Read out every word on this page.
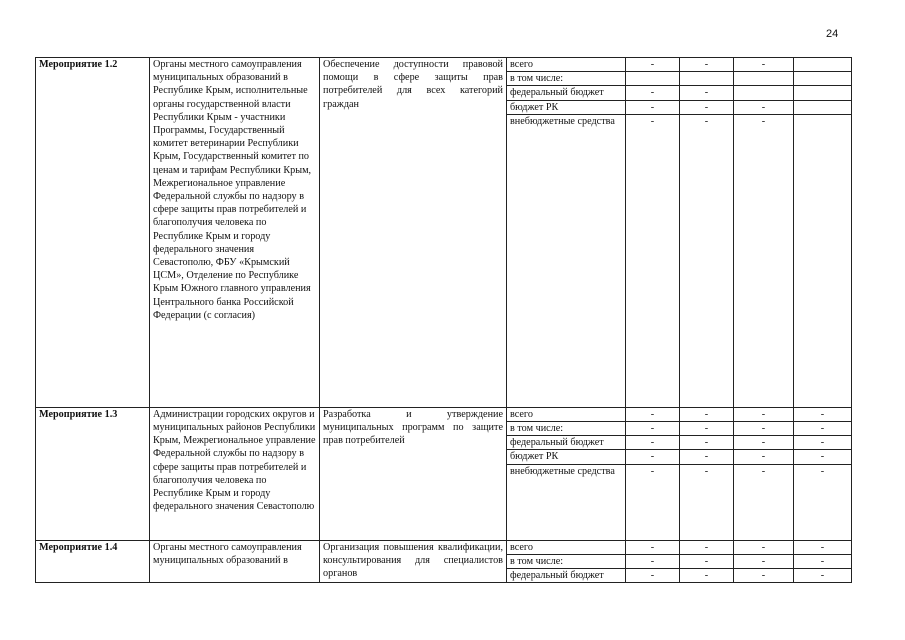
24
Мероприятие 1.2	Органы местного самоуправления муниципальных образований в Республике Крым, исполнительные органы государственной власти Республики Крым - участники Программы, Государственный комитет ветеринарии Республики Крым, Государственный комитет по ценам и тарифам Республики Крым, Межрегиональное управление Федеральной службы по надзору в сфере защиты прав потребителей и благополучия человека по Республике Крым и городу федерального значения Севастополю, ФБУ «Крымский ЦСМ», Отделение по Республике Крым Южного главного управления Центрального банка Российской Федерации (с согласия)	Обеспечение доступности правовой помощи в сфере защиты прав потребителей для всех категорий граждан	всего	-	-	-	
			в том числе:				
			федеральный бюджет	-	-		
			бюджет РК	-	-	-	
			внебюджетные средства	-	-	-	
Мероприятие 1.3	Администрации городских округов и муниципальных районов Республики Крым, Межрегиональное управление Федеральной службы по надзору в сфере защиты прав потребителей и благополучия человека по Республике Крым и городу федерального значения Севастополю	Разработка и утверждение муниципальных программ по защите прав потребителей	всего	-	-	-	-
			в том числе:	-	-	-	-
			федеральный бюджет	-	-	-	-
			бюджет РК	-	-	-	-
			внебюджетные средства	-	-	-	-
Мероприятие 1.4	Органы местного самоуправления муниципальных образований в	Организация повышения квалификации, консультирования для специалистов органов	всего	-	-	-	-
			в том числе:	-	-	-	-
			федеральный бюджет	-	-	-	-
